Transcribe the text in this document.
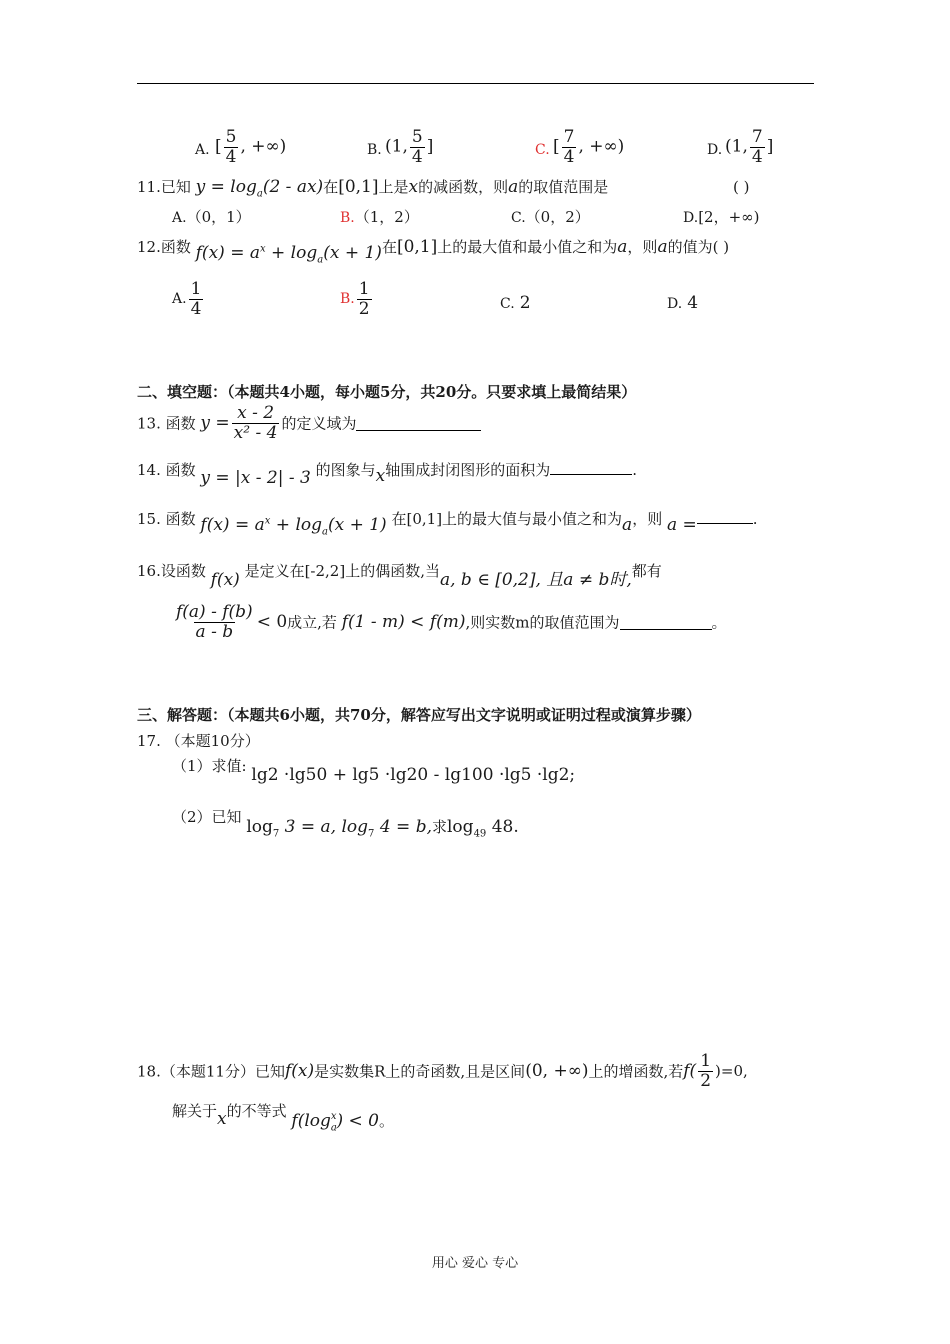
A. [ $\frac{5}{4}$ , +∞)	B. (1, $\frac{5}{4}$ ]	C. [ $\frac{7}{4}$ , +∞)	D. (1, $\frac{7}{4}$ ]
11.已知 $y = \log_a(2 - ax)$在[0,1]上是x的减函数，则a的取值范围是	( )
A.（0，1）	B.（1，2）	C.（0，2）	D.[2，+∞)
12.函数 $f(x) = a^x + \log_a(x + 1)$在[0,1]上的最大值和最小值之和为a，则a的值为( )
A. $\frac{1}{4}$	B. $\frac{1}{2}$	C. 2	D. 4
二、填空题：（本题共4小题，每小题5分，共20分。只要求填上最简结果）
13. 函数 $y = \frac{x - 2}{\text{x² - 4}}$ 的定义域为
14. 函数 y = |x - 2| - 3 的图象与x轴围成封闭图形的面积为	.
15. 函数 $f(x) = a^x + \log_a(x + 1)$ 在[0,1]上的最大值与最小值之和为a，则 a =	.
16.设函数 f(x) 是定义在[-2,2]上的偶函数,当a, b ∈ [0,2], 且a ≠ b时,都有
$\frac{f(a) - f(b)}{a - b} < 0$成立,若 f(1 - m) < f(m),则实数m的取值范围为	。
三、解答题：（本题共6小题，共70分，解答应写出文字说明或证明过程或演算步骤）
17. （本题10分）
（1）求值: lg2 ·lg50 + lg5 ·lg20 - lg100 ·lg5 ·lg2;
（2）已知 $\log_7 3 = a$, $\log_7 4 = b$,求$\log_{49} 48$.
18.（本题11分）已知f(x)是实数集R上的奇函数,且是区间(0, +∞)上的增函数,若$f( \frac{1}{2} )=0$,
解关于x的不等式 $f(\log_a^x) < 0$。
用心 爱心 专心
